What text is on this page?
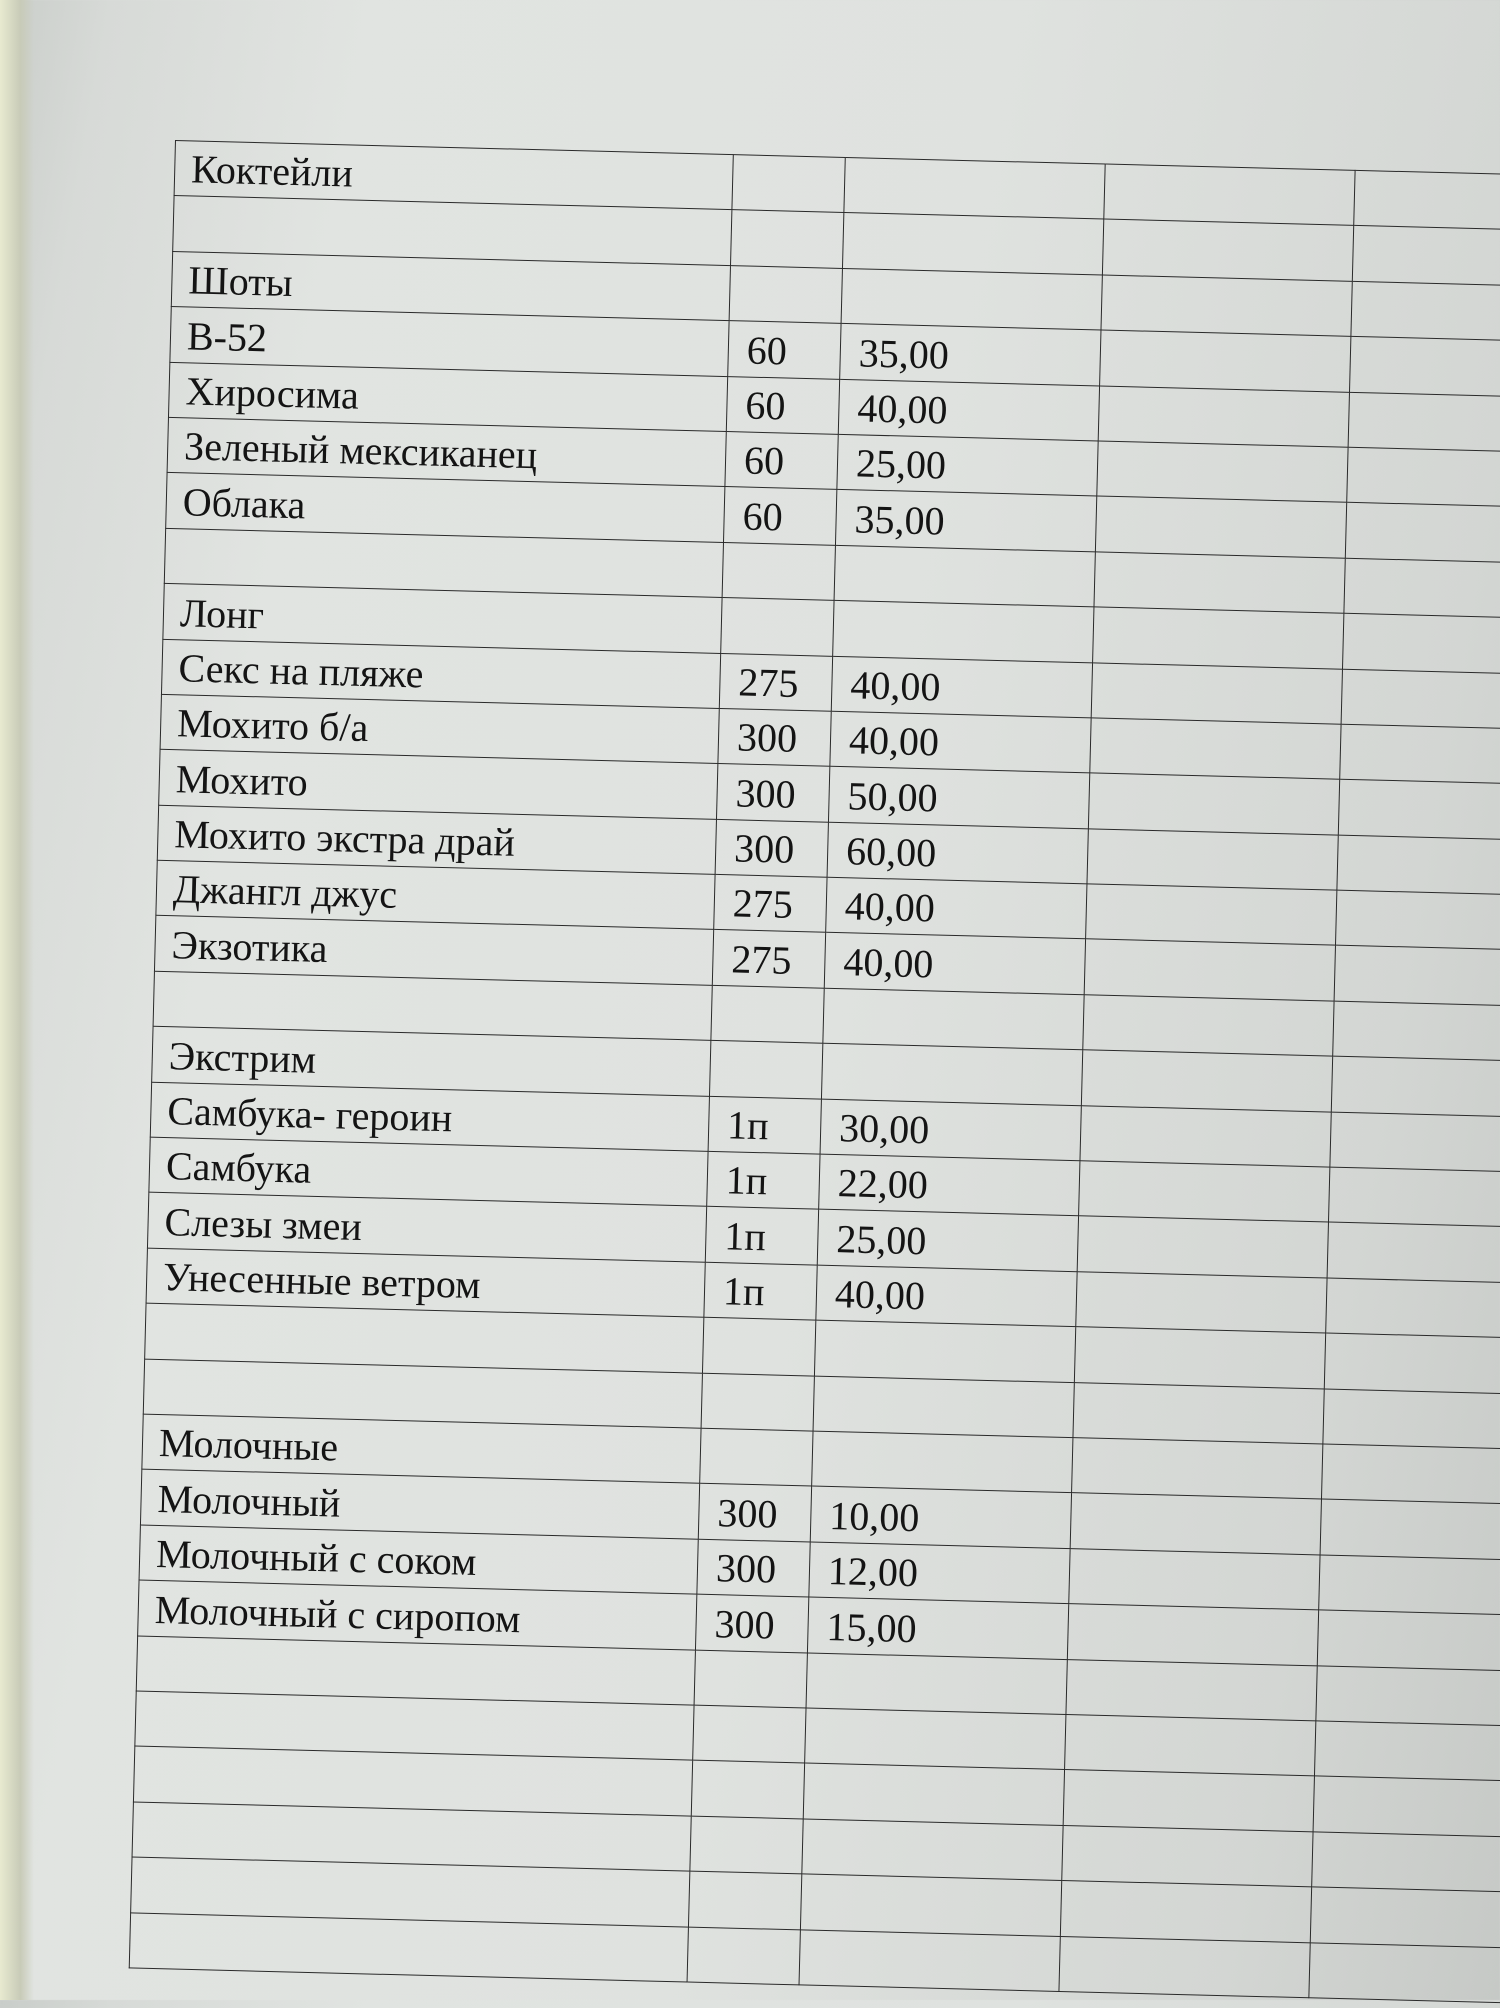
Коктейли				

Шоты				
B-52	60	35,00		
Хиросима	60	40,00		
Зеленый мексиканец	60	25,00		
Облака	60	35,00		

Лонг				
Секс на пляже	275	40,00		
Мохито б/а	300	40,00		
Мохито	300	50,00		
Мохито экстра драй	300	60,00		
Джангл джус	275	40,00		
Экзотика	275	40,00		

Экстрим				
Самбука- героин	1п	30,00		
Самбука	1п	22,00		
Слезы змеи	1п	25,00		
Унесенные ветром	1п	40,00		

Молочные				
Молочный	300	10,00		
Молочный с соком	300	12,00		
Молочный с сиропом	300	15,00		
